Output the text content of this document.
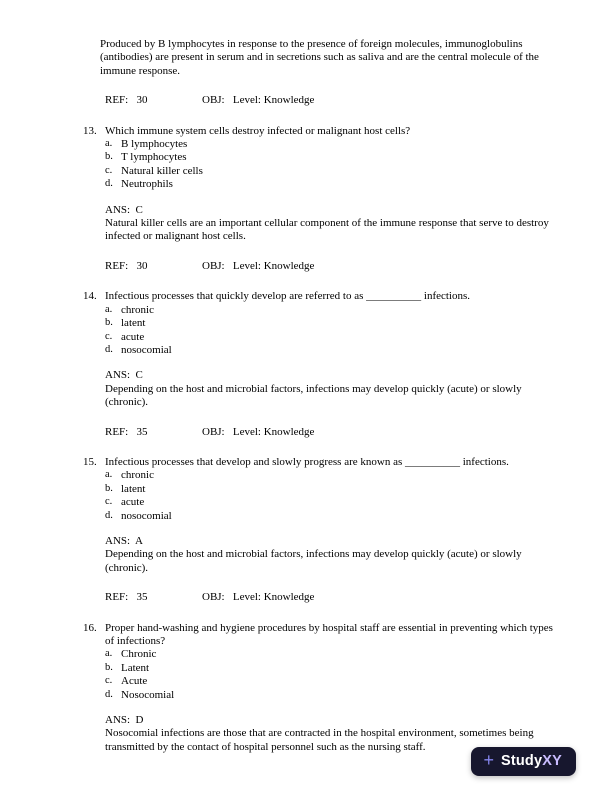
Produced by B lymphocytes in response to the presence of foreign molecules, immunoglobulins (antibodies) are present in serum and in secretions such as saliva and are the central molecule of the immune response.

REF:   30	OBJ:   Level: Knowledge
13. Which immune system cells destroy infected or malignant host cells?
a. B lymphocytes
b. T lymphocytes
c. Natural killer cells
d. Neutrophils
ANS:  C
Natural killer cells are an important cellular component of the immune response that serve to destroy infected or malignant host cells.
REF:   30	OBJ:   Level: Knowledge
14. Infectious processes that quickly develop are referred to as __________ infections.
a. chronic
b. latent
c. acute
d. nosocomial
ANS:  C
Depending on the host and microbial factors, infections may develop quickly (acute) or slowly (chronic).
REF:   35	OBJ:   Level: Knowledge
15. Infectious processes that develop and slowly progress are known as __________ infections.
a. chronic
b. latent
c. acute
d. nosocomial
ANS:  A
Depending on the host and microbial factors, infections may develop quickly (acute) or slowly (chronic).
REF:   35	OBJ:   Level: Knowledge
16. Proper hand-washing and hygiene procedures by hospital staff are essential in preventing which types of infections?
a. Chronic
b. Latent
c. Acute
d. Nosocomial
ANS:  D
Nosocomial infections are those that are contracted in the hospital environment, sometimes being transmitted by the contact of hospital personnel such as the nursing staff.
+ StudyXY
